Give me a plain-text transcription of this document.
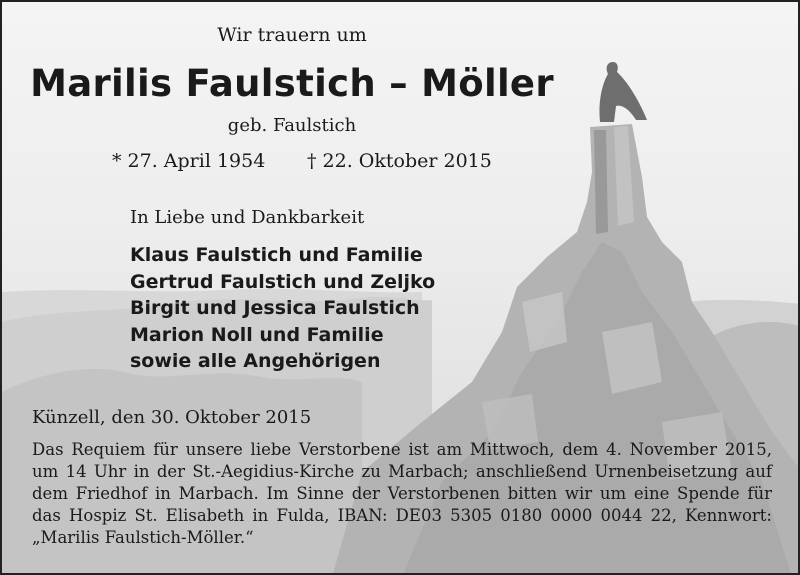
Wir trauern um
Marilis Faulstich – Möller
geb. Faulstich
* 27. April 1954 † 22. Oktober 2015
In Liebe und Dankbarkeit
Klaus Faulstich und Familie
Gertrud Faulstich und Zeljko
Birgit und Jessica Faulstich
Marion Noll und Familie
sowie alle Angehörigen
Künzell, den 30. Oktober 2015
Das Requiem für unsere liebe Verstorbene ist am Mittwoch, dem 4. November 2015, um 14 Uhr in der St.-Aegidius-Kirche zu Marbach; anschließend Urnenbeisetzung auf dem Friedhof in Marbach. Im Sinne der Verstorbenen bitten wir um eine Spende für das Hospiz St. Elisabeth in Fulda, IBAN: DE03 5305 0180 0000 0044 22, Kennwort: „Marilis Faulstich-Möller.“
